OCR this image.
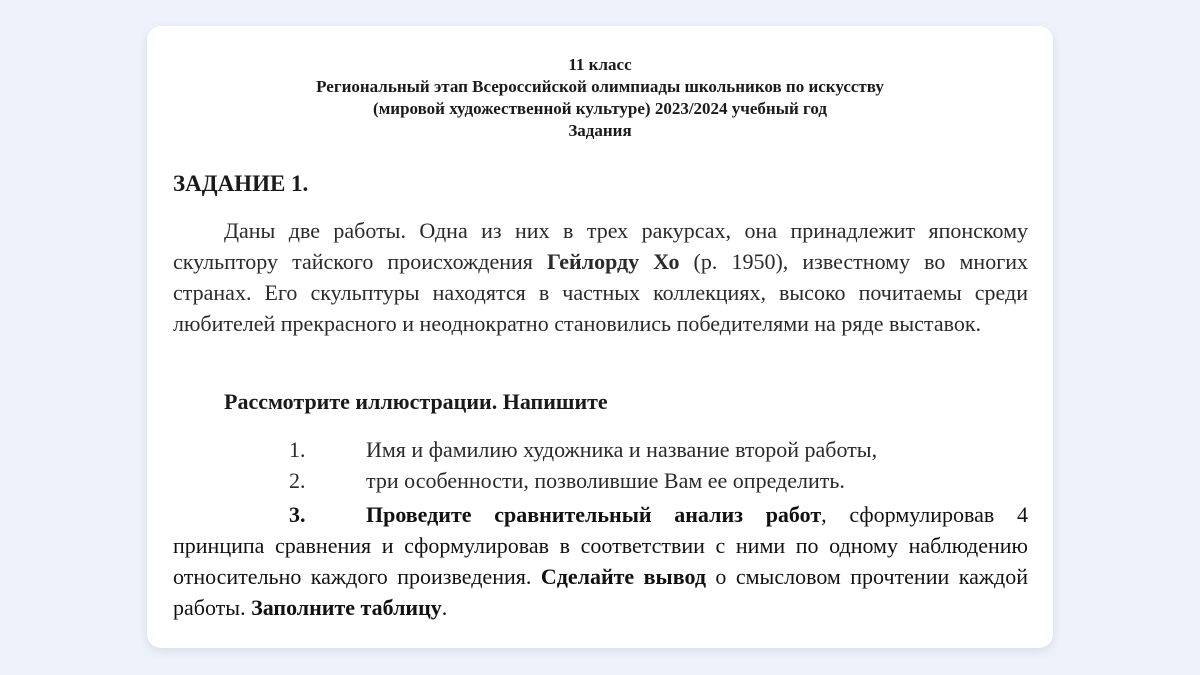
11 класс
Региональный этап Всероссийской олимпиады школьников по искусству
(мировой художественной культуре) 2023/2024 учебный год
Задания
ЗАДАНИЕ 1.
Даны две работы. Одна из них в трех ракурсах, она принадлежит японскому скульптору тайского происхождения Гейлорду Хо (р. 1950), известному во многих странах. Его скульптуры находятся в частных коллекциях, высоко почитаемы среди любителей прекрасного и неоднократно становились победителями на ряде выставок.
Рассмотрите иллюстрации. Напишите
1.	Имя и фамилию художника и название второй работы,
2.	три особенности, позволившие Вам ее определить.
3.	Проведите сравнительный анализ работ, сформулировав 4 принципа сравнения и сформулировав в соответствии с ними по одному наблюдению относительно каждого произведения. Сделайте вывод о смысловом прочтении каждой работы. Заполните таблицу.
